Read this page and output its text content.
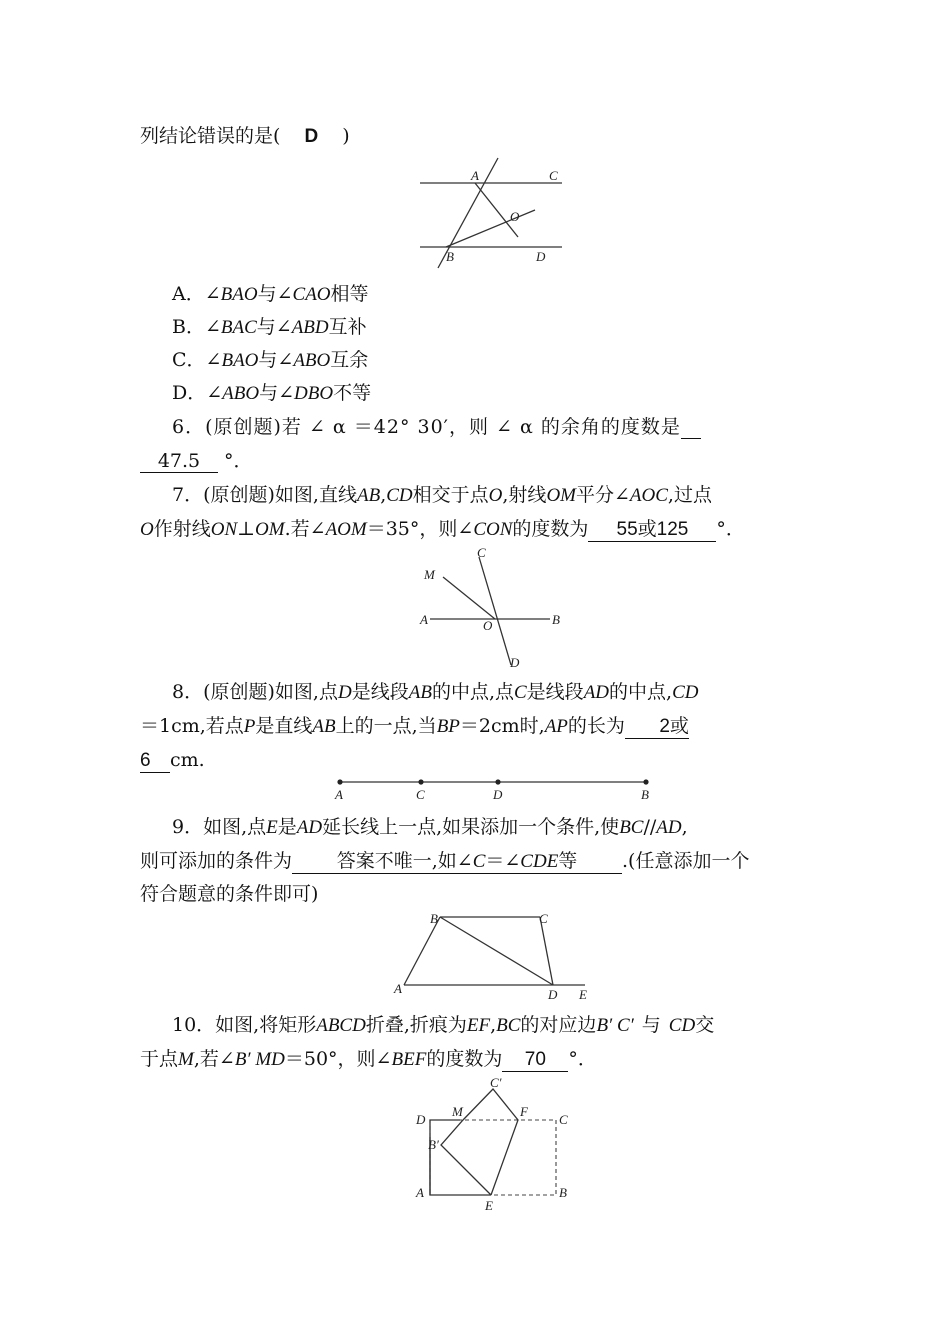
列结论错误的是( D )
A	C
O
B	D
A．∠BAO与∠CAO相等
B．∠BAC与∠ABD互补
C．∠BAO与∠ABO互余
D．∠ABO与∠DBO不等
6．(原创题)若 ∠ α ＝42° 30′，则 ∠ α 的余角的度数是
47.5 °．
7．(原创题)如图,直线AB,CD相交于点O,射线OM平分∠AOC,过点
O作射线ON⊥OM.若∠AOM＝35°，则∠CON的度数为 55或125 °．
C
M
A	O	B
D
8．(原创题)如图,点D是线段AB的中点,点C是线段AD的中点,CD
＝1cm,若点P是直线AB上的一点,当BP＝2cm时,AP的长为 2或
6 cm.
A	C	D	B
9．如图,点E是AD延长线上一点,如果添加一个条件,使BC//AD,
则可添加的条件为 答案不唯一,如∠C＝∠CDE等 .(任意添加一个
符合题意的条件即可)
B	C
A	D E
10．如图,将矩形ABCD折叠,折痕为EF,BC的对应边B′ C′ 与 CD交
于点M,若∠B′ MD＝50°，则∠BEF的度数为 70 °．
C′
D
M	F
C
B′
A
E
B
